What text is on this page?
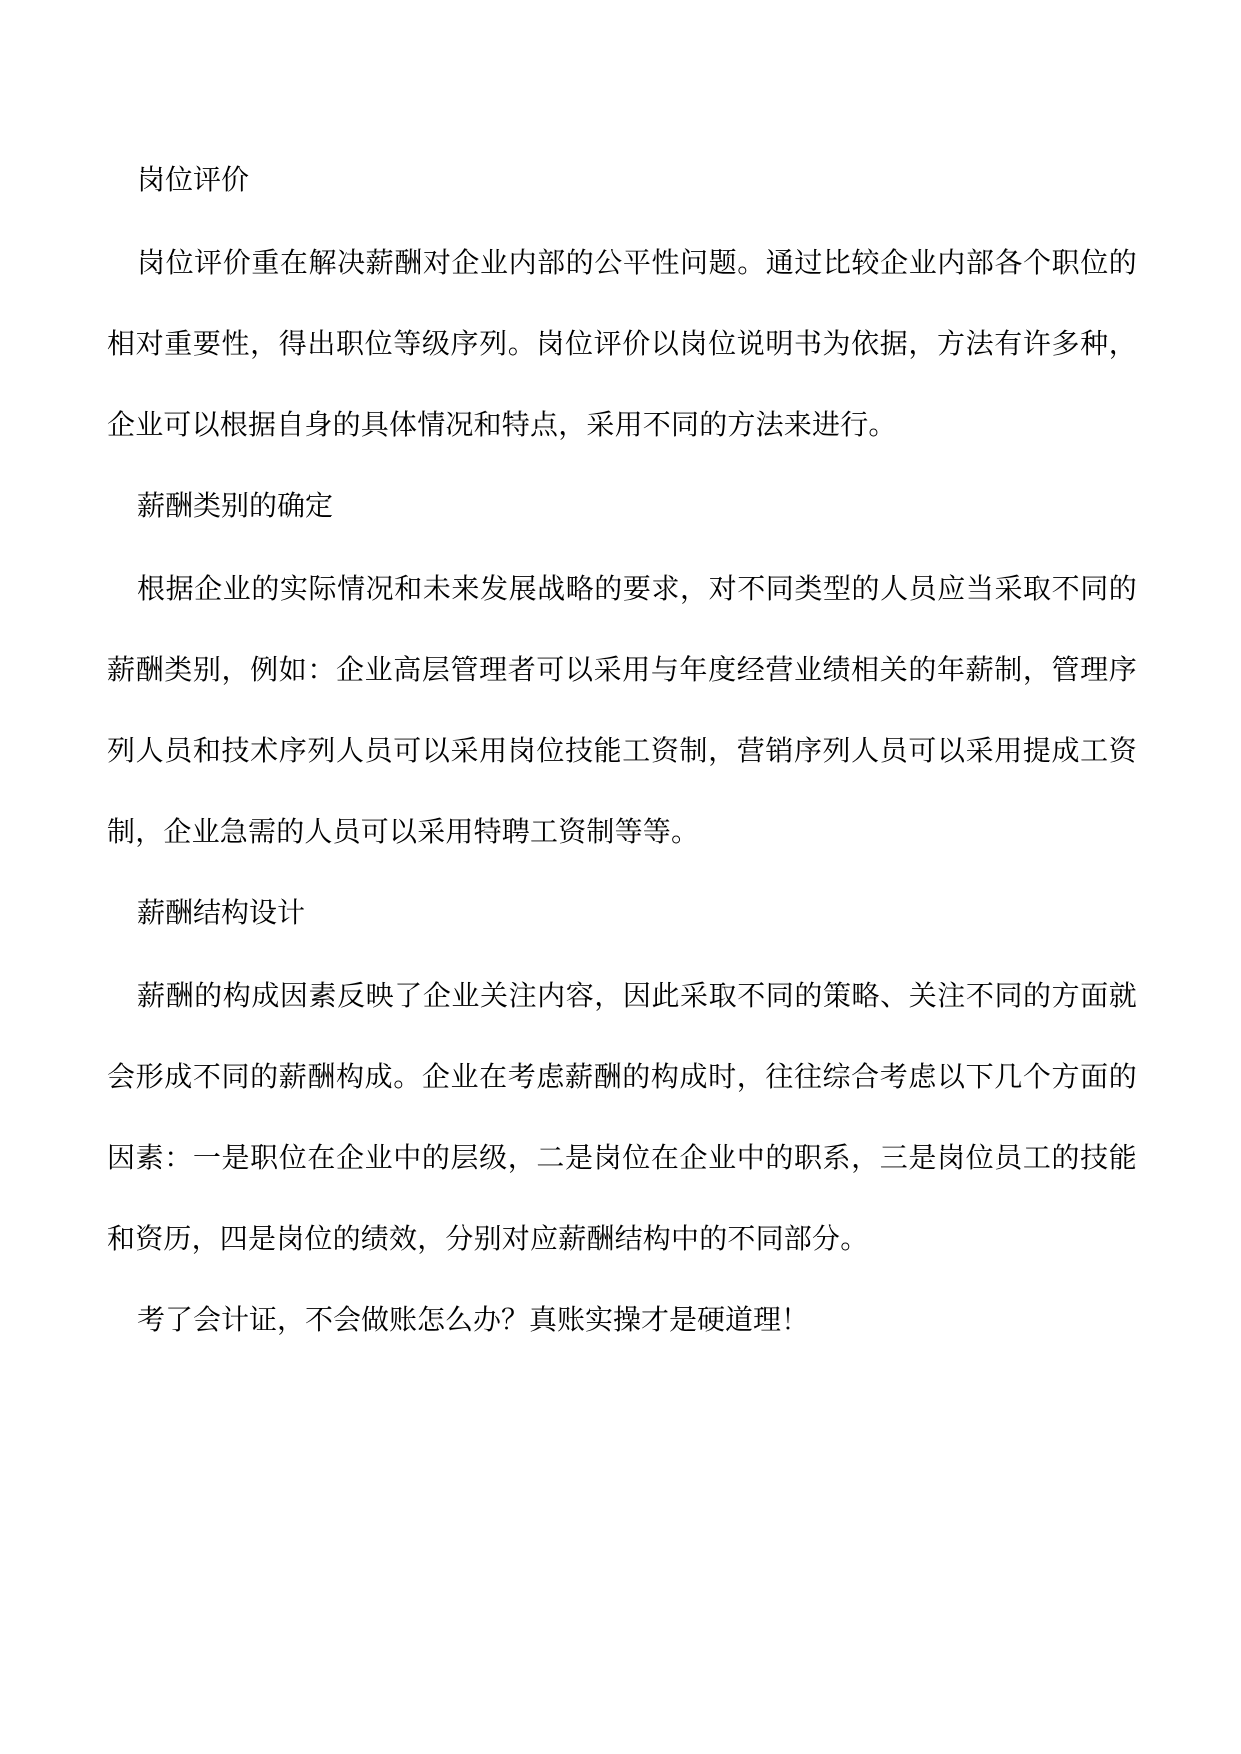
岗位评价
岗位评价重在解决薪酬对企业内部的公平性问题。通过比较企业内部各个职位的相对重要性，得出职位等级序列。岗位评价以岗位说明书为依据，方法有许多种，企业可以根据自身的具体情况和特点，采用不同的方法来进行。
薪酬类别的确定
根据企业的实际情况和未来发展战略的要求，对不同类型的人员应当采取不同的薪酬类别，例如：企业高层管理者可以采用与年度经营业绩相关的年薪制，管理序列人员和技术序列人员可以采用岗位技能工资制，营销序列人员可以采用提成工资制，企业急需的人员可以采用特聘工资制等等。
薪酬结构设计
薪酬的构成因素反映了企业关注内容，因此采取不同的策略、关注不同的方面就会形成不同的薪酬构成。企业在考虑薪酬的构成时，往往综合考虑以下几个方面的因素：一是职位在企业中的层级，二是岗位在企业中的职系，三是岗位员工的技能和资历，四是岗位的绩效，分别对应薪酬结构中的不同部分。
考了会计证，不会做账怎么办？真账实操才是硬道理！
